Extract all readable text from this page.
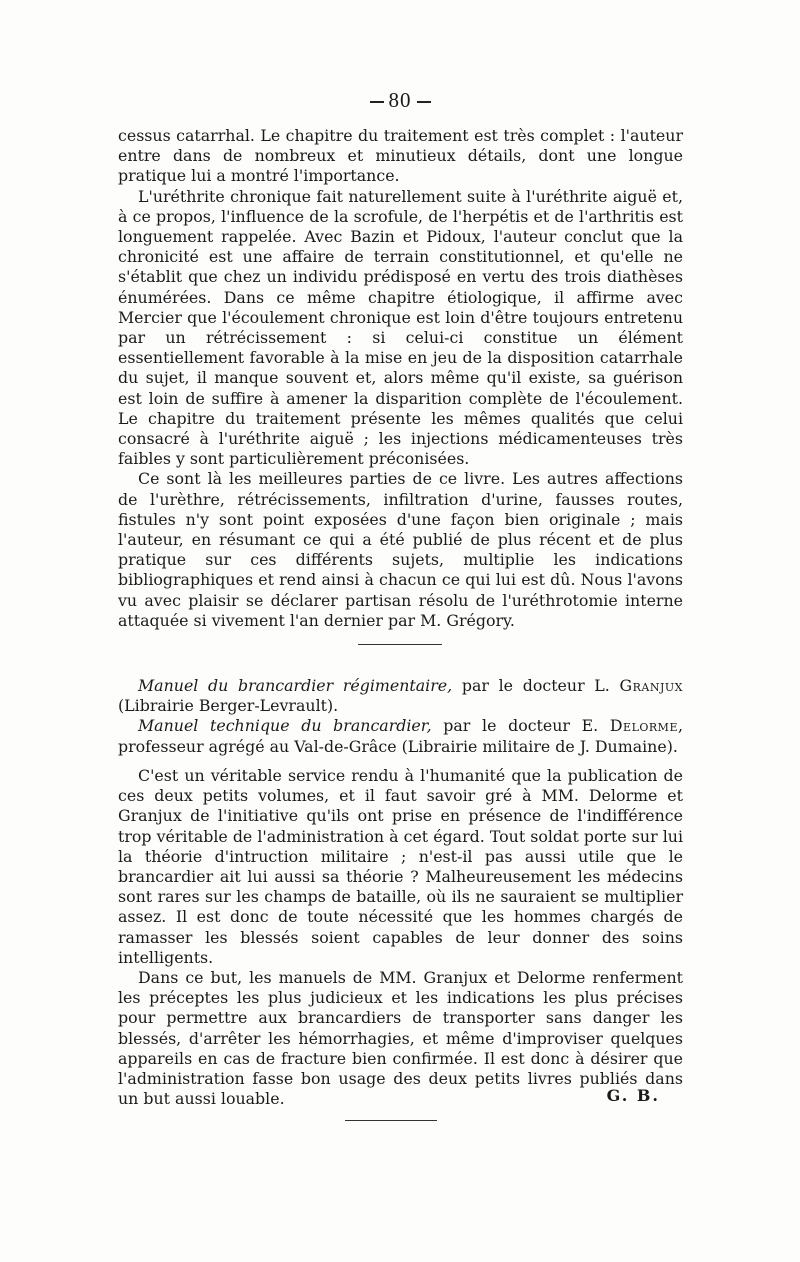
80

cessus catarrhal. Le chapitre du traitement est très complet : l'auteur entre dans de nombreux et minutieux détails, dont une longue pratique lui a montré l'importance.

L'uréthrite chronique fait naturellement suite à l'uréthrite aiguë et, à ce propos, l'influence de la scrofule, de l'herpétis et de l'arthritis est longuement rappelée. Avec Bazin et Pidoux, l'auteur conclut que la chronicité est une affaire de terrain constitutionnel, et qu'elle ne s'établit que chez un individu prédisposé en vertu des trois diathèses énumérées. Dans ce même chapitre étiologique, il affirme avec Mercier que l'écoulement chronique est loin d'être toujours entretenu par un rétrécissement : si celui-ci constitue un élément essentiellement favorable à la mise en jeu de la disposition catarrhale du sujet, il manque souvent et, alors même qu'il existe, sa guérison est loin de suffire à amener la disparition complète de l'écoulement. Le chapitre du traitement présente les mêmes qualités que celui consacré à l'uréthrite aiguë ; les injections médicamenteuses très faibles y sont particulièrement préconisées.

Ce sont là les meilleures parties de ce livre. Les autres affections de l'urèthre, rétrécissements, infiltration d'urine, fausses routes, fistules n'y sont point exposées d'une façon bien originale ; mais l'auteur, en résumant ce qui a été publié de plus récent et de plus pratique sur ces différents sujets, multiplie les indications bibliographiques et rend ainsi à chacun ce qui lui est dû. Nous l'avons vu avec plaisir se déclarer partisan résolu de l'uréthrotomie interne attaquée si vivement l'an dernier par M. Grégory.

Manuel du brancardier régimentaire, par le docteur L. Granjux (Librairie Berger-Levrault).

Manuel technique du brancardier, par le docteur E. Delorme, professeur agrégé au Val-de-Grâce (Librairie militaire de J. Dumaine).

C'est un véritable service rendu à l'humanité que la publication de ces deux petits volumes, et il faut savoir gré à MM. Delorme et Granjux de l'initiative qu'ils ont prise en présence de l'indifférence trop véritable de l'administration à cet égard. Tout soldat porte sur lui la théorie d'intruction militaire ; n'est-il pas aussi utile que le brancardier ait lui aussi sa théorie ? Malheureusement les médecins sont rares sur les champs de bataille, où ils ne sauraient se multiplier assez. Il est donc de toute nécessité que les hommes chargés de ramasser les blessés soient capables de leur donner des soins intelligents.

Dans ce but, les manuels de MM. Granjux et Delorme renferment les préceptes les plus judicieux et les indications les plus précises pour permettre aux brancardiers de transporter sans danger les blessés, d'arrêter les hémorrhagies, et même d'improviser quelques appareils en cas de fracture bien confirmée. Il est donc à désirer que l'administration fasse bon usage des deux petits livres publiés dans un but aussi louable.	G. B.
